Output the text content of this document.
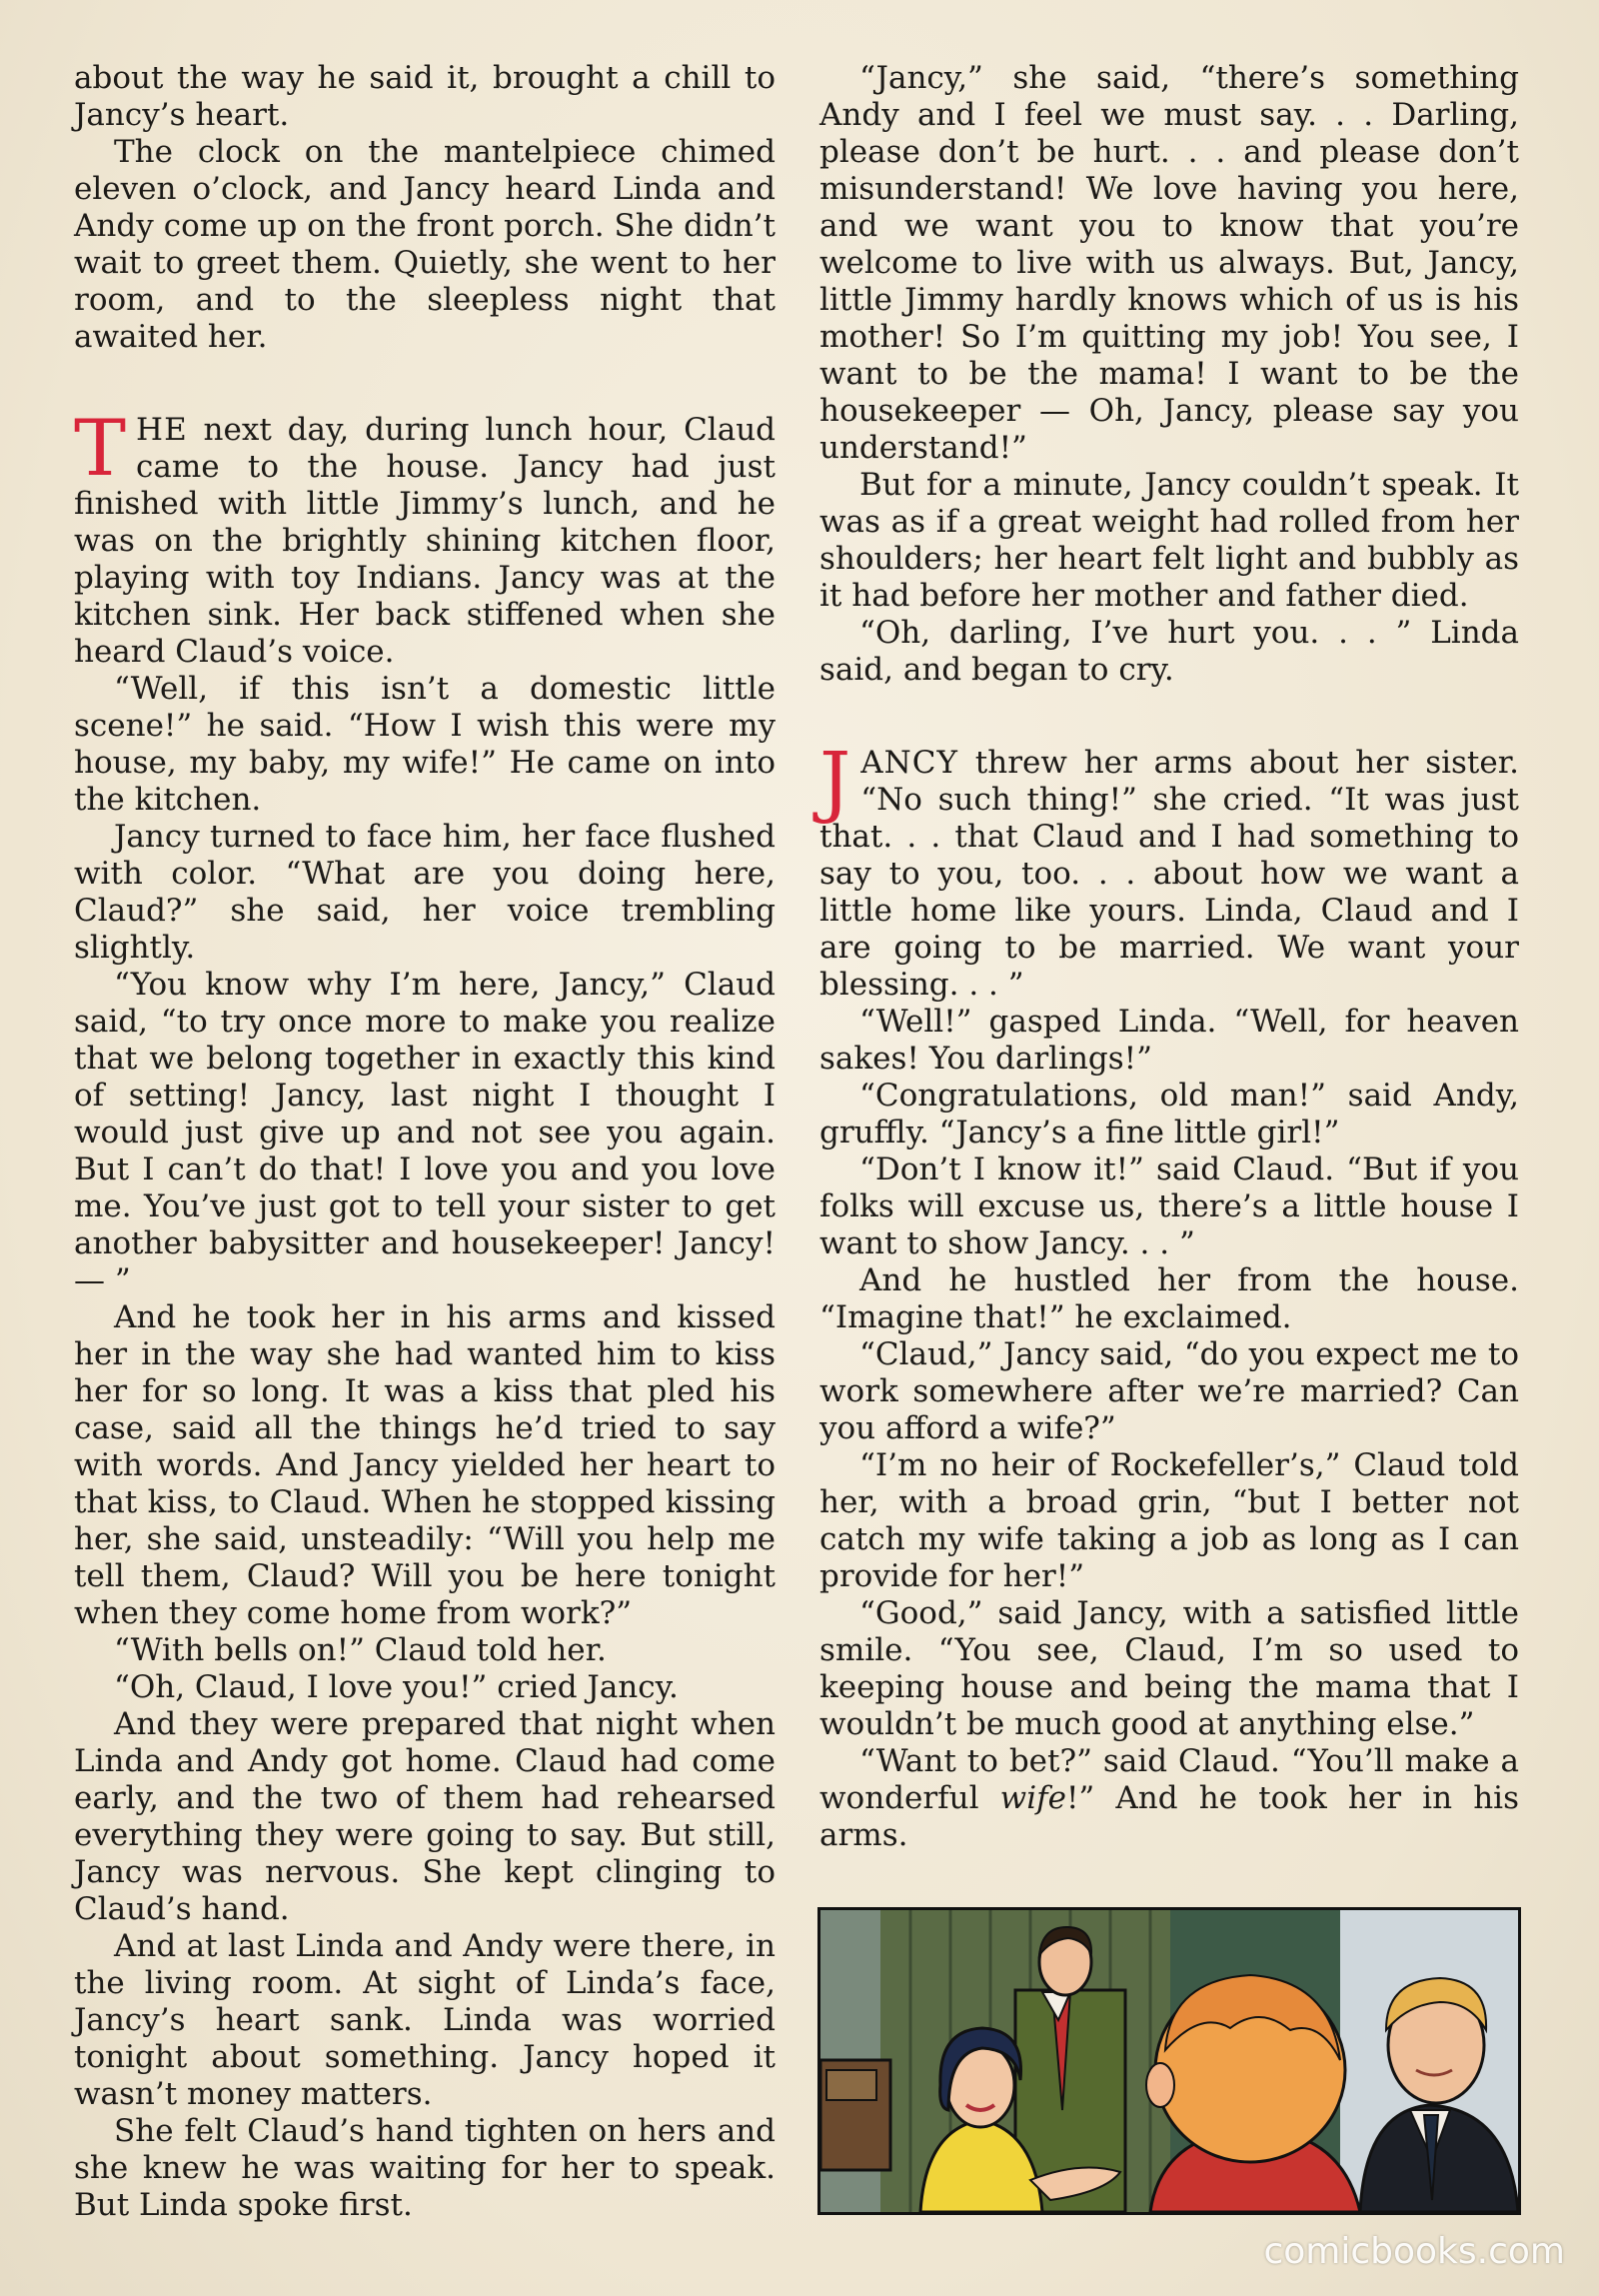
about the way he said it, brought a chill to Jancy’s heart.

The clock on the mantelpiece chimed eleven o’clock, and Jancy heard Linda and Andy come up on the front porch. She didn’t wait to greet them. Quietly, she went to her room, and to the sleepless night that awaited her.

THE next day, during lunch hour, Claud came to the house. Jancy had just finished with little Jimmy’s lunch, and he was on the brightly shining kitchen floor, playing with toy Indians. Jancy was at the kitchen sink. Her back stiffened when she heard Claud’s voice.

“Well, if this isn’t a domestic little scene!” he said. “How I wish this were my house, my baby, my wife!” He came on into the kitchen.

Jancy turned to face him, her face flushed with color. “What are you doing here, Claud?” she said, her voice trembling slightly.

“You know why I’m here, Jancy,” Claud said, “to try once more to make you realize that we belong together in exactly this kind of setting! Jancy, last night I thought I would just give up and not see you again. But I can’t do that! I love you and you love me. You’ve just got to tell your sister to get another babysitter and housekeeper! Jancy! — ”

And he took her in his arms and kissed her in the way she had wanted him to kiss her for so long. It was a kiss that pled his case, said all the things he’d tried to say with words. And Jancy yielded her heart to that kiss, to Claud. When he stopped kissing her, she said, unsteadily: “Will you help me tell them, Claud? Will you be here tonight when they come home from work?”

“With bells on!” Claud told her.

“Oh, Claud, I love you!” cried Jancy.

And they were prepared that night when Linda and Andy got home. Claud had come early, and the two of them had rehearsed everything they were going to say. But still, Jancy was nervous. She kept clinging to Claud’s hand.

And at last Linda and Andy were there, in the living room. At sight of Linda’s face, Jancy’s heart sank. Linda was worried tonight about something. Jancy hoped it wasn’t money matters.

She felt Claud’s hand tighten on hers and she knew he was waiting for her to speak. But Linda spoke first.

“Jancy,” she said, “there’s something Andy and I feel we must say. . . Darling, please don’t be hurt. . . and please don’t misunderstand! We love having you here, and we want you to know that you’re welcome to live with us always. But, Jancy, little Jimmy hardly knows which of us is his mother! So I’m quitting my job! You see, I want to be the mama! I want to be the housekeeper — Oh, Jancy, please say you understand!”

But for a minute, Jancy couldn’t speak. It was as if a great weight had rolled from her shoulders; her heart felt light and bubbly as it had before her mother and father died.

“Oh, darling, I’ve hurt you. . . ” Linda said, and began to cry.

JANCY threw her arms about her sister. “No such thing!” she cried. “It was just that. . . that Claud and I had something to say to you, too. . . about how we want a little home like yours. Linda, Claud and I are going to be married. We want your blessing. . . ”

“Well!” gasped Linda. “Well, for heaven sakes! You darlings!”

“Congratulations, old man!” said Andy, gruffly. “Jancy’s a fine little girl!”

“Don’t I know it!” said Claud. “But if you folks will excuse us, there’s a little house I want to show Jancy. . . ”

And he hustled her from the house. “Imagine that!” he exclaimed.

“Claud,” Jancy said, “do you expect me to work somewhere after we’re married? Can you afford a wife?”

“I’m no heir of Rockefeller’s,” Claud told her, with a broad grin, “but I better not catch my wife taking a job as long as I can provide for her!”

“Good,” said Jancy, with a satisfied little smile. “You see, Claud, I’m so used to keeping house and being the mama that I wouldn’t be much good at anything else.”

“Want to bet?” said Claud. “You’ll make a wonderful wife!” And he took her in his arms.

comicbooks.com
